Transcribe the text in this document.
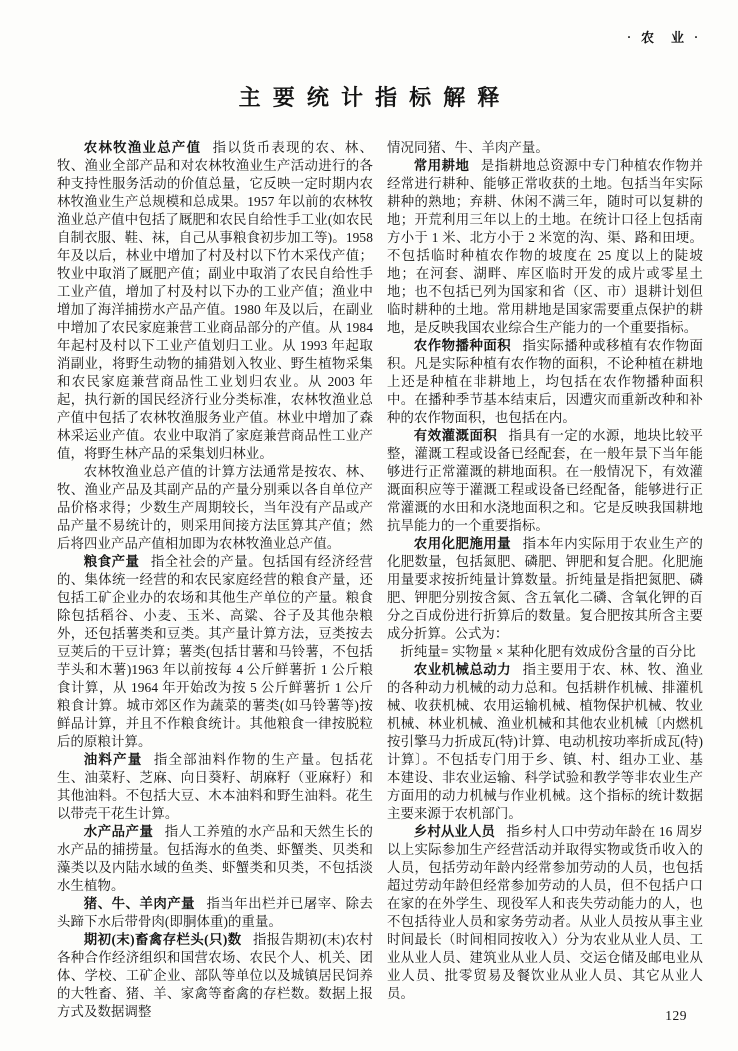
· 农　业 ·
主要统计指标解释

农林牧渔业总产值 指以货币表现的农、林、牧、渔业全部产品和对农林牧渔业生产活动进行的各种支持性服务活动的价值总量，它反映一定时期内农林牧渔业生产总规模和总成果。1957 年以前的农林牧渔业总产值中包括了厩肥和农民自给性手工业(如农民自制衣服、鞋、袜，自己从事粮食初步加工等)。1958 年及以后，林业中增加了村及村以下竹木采伐产值；牧业中取消了厩肥产值；副业中取消了农民自给性手工业产值，增加了村及村以下办的工业产值；渔业中增加了海洋捕捞水产品产值。1980 年及以后，在副业中增加了农民家庭兼营工业商品部分的产值。从 1984 年起村及村以下工业产值划归工业。从 1993 年起取消副业，将野生动物的捕猎划入牧业、野生植物采集和农民家庭兼营商品性工业划归农业。从 2003 年起，执行新的国民经济行业分类标准，农林牧渔业总产值中包括了农林牧渔服务业产值。林业中增加了森林采运业产值。农业中取消了家庭兼营商品性工业产值，将野生林产品的采集划归林业。

农林牧渔业总产值的计算方法通常是按农、林、牧、渔业产品及其副产品的产量分别乘以各自单位产品价格求得；少数生产周期较长，当年没有产品或产品产量不易统计的，则采用间接方法匡算其产值；然后将四业产品产值相加即为农林牧渔业总产值。

粮食产量 指全社会的产量。包括国有经济经营的、集体统一经营的和农民家庭经营的粮食产量，还包括工矿企业办的农场和其他生产单位的产量。粮食除包括稻谷、小麦、玉米、高粱、谷子及其他杂粮外，还包括薯类和豆类。其产量计算方法，豆类按去豆荚后的干豆计算；薯类(包括甘薯和马铃薯，不包括芋头和木薯)1963 年以前按每 4 公斤鲜薯折 1 公斤粮食计算，从 1964 年开始改为按 5 公斤鲜薯折 1 公斤粮食计算。城市郊区作为蔬菜的薯类(如马铃薯等)按鲜品计算，并且不作粮食统计。其他粮食一律按脱粒后的原粮计算。

油料产量 指全部油料作物的生产量。包括花生、油菜籽、芝麻、向日葵籽、胡麻籽（亚麻籽）和其他油料。不包括大豆、木本油料和野生油料。花生以带壳干花生计算。

水产品产量 指人工养殖的水产品和天然生长的水产品的捕捞量。包括海水的鱼类、虾蟹类、贝类和藻类以及内陆水域的鱼类、虾蟹类和贝类，不包括淡水生植物。

猪、牛、羊肉产量 指当年出栏并已屠宰、除去头蹄下水后带骨肉(即胴体重)的重量。

期初(末)畜禽存栏头(只)数 指报告期初(末)农村各种合作经济组织和国营农场、农民个人、机关、团体、学校、工矿企业、部队等单位以及城镇居民饲养的大牲畜、猪、羊、家禽等畜禽的存栏数。数据上报方式及数据调整

情况同猪、牛、羊肉产量。

常用耕地 是指耕地总资源中专门种植农作物并经常进行耕种、能够正常收获的土地。包括当年实际耕种的熟地；弃耕、休闲不满三年，随时可以复耕的地；开荒利用三年以上的土地。在统计口径上包括南方小于 1 米、北方小于 2 米宽的沟、渠、路和田埂。不包括临时种植农作物的坡度在 25 度以上的陡坡地；在河套、湖畔、库区临时开发的成片或零星土地；也不包括已列为国家和省（区、市）退耕计划但临时耕种的土地。常用耕地是国家需要重点保护的耕地，是反映我国农业综合生产能力的一个重要指标。

农作物播种面积 指实际播种或移植有农作物面积。凡是实际种植有农作物的面积，不论种植在耕地上还是种植在非耕地上，均包括在农作物播种面积中。在播种季节基本结束后，因遭灾而重新改种和补种的农作物面积，也包括在内。

有效灌溉面积 指具有一定的水源，地块比较平整，灌溉工程或设备已经配套，在一般年景下当年能够进行正常灌溉的耕地面积。在一般情况下，有效灌溉面积应等于灌溉工程或设备已经配备，能够进行正常灌溉的水田和水浇地面积之和。它是反映我国耕地抗旱能力的一个重要指标。

农用化肥施用量 指本年内实际用于农业生产的化肥数量，包括氮肥、磷肥、钾肥和复合肥。化肥施用量要求按折纯量计算数量。折纯量是指把氮肥、磷肥、钾肥分别按含氮、含五氧化二磷、含氧化钾的百分之百成份进行折算后的数量。复合肥按其所含主要成分折算。公式为：

折纯量= 实物量 × 某种化肥有效成份含量的百分比

农业机械总动力 指主要用于农、林、牧、渔业的各种动力机械的动力总和。包括耕作机械、排灌机械、收获机械、农用运输机械、植物保护机械、牧业机械、林业机械、渔业机械和其他农业机械〔内燃机按引擎马力折成瓦(特)计算、电动机按功率折成瓦(特)计算〕。不包括专门用于乡、镇、村、组办工业、基本建设、非农业运输、科学试验和教学等非农业生产方面用的动力机械与作业机械。这个指标的统计数据主要来源于农机部门。

乡村从业人员 指乡村人口中劳动年龄在 16 周岁以上实际参加生产经营活动并取得实物或货币收入的人员，包括劳动年龄内经常参加劳动的人员，也包括超过劳动年龄但经常参加劳动的人员，但不包括户口在家的在外学生、现役军人和丧失劳动能力的人，也不包括待业人员和家务劳动者。从业人员按从事主业时间最长（时间相同按收入）分为农业从业人员、工业从业人员、建筑业从业人员、交运仓储及邮电业从业人员、批零贸易及餐饮业从业人员、其它从业人员。

129
